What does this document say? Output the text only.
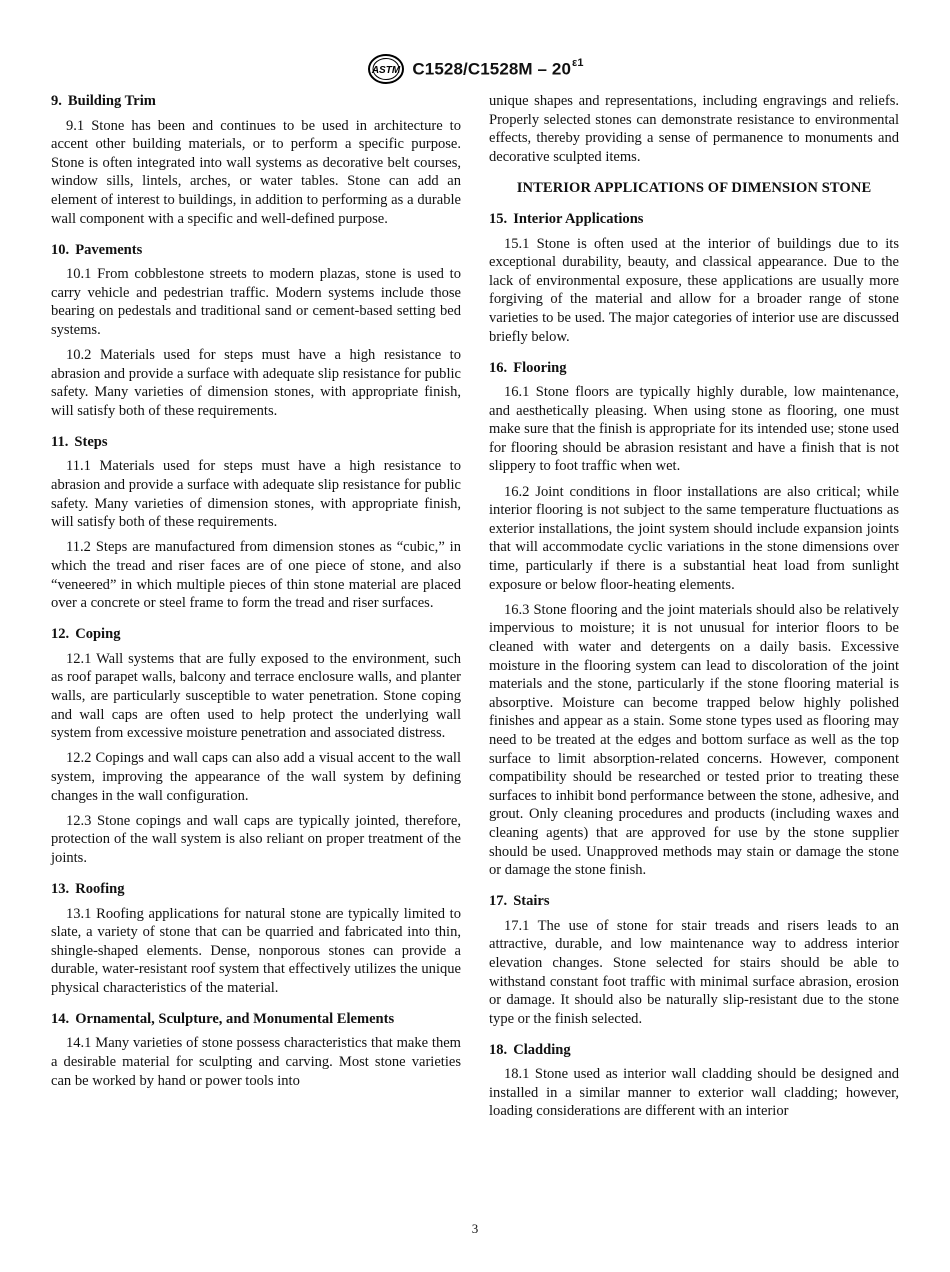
ASTM $C1528/C1528M - 20^{\varepsilon 1}$
9. Building Trim

9.1 Stone has been and continues to be used in architecture to accent other building materials, or to perform a specific purpose. Stone is often integrated into wall systems as decorative belt courses, window sills, lintels, arches, or water tables. Stone can add an element of interest to buildings, in addition to performing as a durable wall component with a specific and well-defined purpose.

10. Pavements

10.1 From cobblestone streets to modern plazas, stone is used to carry vehicle and pedestrian traffic. Modern systems include those bearing on pedestals and traditional sand or cement-based setting bed systems.

10.2 Materials used for steps must have a high resistance to abrasion and provide a surface with adequate slip resistance for public safety. Many varieties of dimension stones, with appropriate finish, will satisfy both of these requirements.

11. Steps

11.1 Materials used for steps must have a high resistance to abrasion and provide a surface with adequate slip resistance for public safety. Many varieties of dimension stones, with appropriate finish, will satisfy both of these requirements.

11.2 Steps are manufactured from dimension stones as “cubic,” in which the tread and riser faces are of one piece of stone, and also “veneered” in which multiple pieces of thin stone material are placed over a concrete or steel frame to form the tread and riser surfaces.

12. Coping

12.1 Wall systems that are fully exposed to the environment, such as roof parapet walls, balcony and terrace enclosure walls, and planter walls, are particularly susceptible to water penetration. Stone coping and wall caps are often used to help protect the underlying wall system from excessive moisture penetration and associated distress.

12.2 Copings and wall caps can also add a visual accent to the wall system, improving the appearance of the wall system by defining changes in the wall configuration.

12.3 Stone copings and wall caps are typically jointed, therefore, protection of the wall system is also reliant on proper treatment of the joints.

13. Roofing

13.1 Roofing applications for natural stone are typically limited to slate, a variety of stone that can be quarried and fabricated into thin, shingle-shaped elements. Dense, nonporous stones can provide a durable, water-resistant roof system that effectively utilizes the unique physical characteristics of the material.

14. Ornamental, Sculpture, and Monumental Elements

14.1 Many varieties of stone possess characteristics that make them a desirable material for sculpting and carving. Most stone varieties can be worked by hand or power tools into

unique shapes and representations, including engravings and reliefs. Properly selected stones can demonstrate resistance to environmental effects, thereby providing a sense of permanence to monuments and decorative sculpted items.

INTERIOR APPLICATIONS OF DIMENSION STONE
15. Interior Applications

15.1 Stone is often used at the interior of buildings due to its exceptional durability, beauty, and classical appearance. Due to the lack of environmental exposure, these applications are usually more forgiving of the material and allow for a broader range of stone varieties to be used. The major categories of interior use are discussed briefly below.

16. Flooring

16.1 Stone floors are typically highly durable, low maintenance, and aesthetically pleasing. When using stone as flooring, one must make sure that the finish is appropriate for its intended use; stone used for flooring should be abrasion resistant and have a finish that is not slippery to foot traffic when wet.

16.2 Joint conditions in floor installations are also critical; while interior flooring is not subject to the same temperature fluctuations as exterior installations, the joint system should include expansion joints that will accommodate cyclic variations in the stone dimensions over time, particularly if there is a substantial heat load from sunlight exposure or below floor-heating elements.

16.3 Stone flooring and the joint materials should also be relatively impervious to moisture; it is not unusual for interior floors to be cleaned with water and detergents on a daily basis. Excessive moisture in the flooring system can lead to discoloration of the joint materials and the stone, particularly if the stone flooring material is absorptive. Moisture can become trapped below highly polished finishes and appear as a stain. Some stone types used as flooring may need to be treated at the edges and bottom surface as well as the top surface to limit absorption-related concerns. However, component compatibility should be researched or tested prior to treating these surfaces to inhibit bond performance between the stone, adhesive, and grout. Only cleaning procedures and products (including waxes and cleaning agents) that are approved for use by the stone supplier should be used. Unapproved methods may stain or damage the stone or damage the stone finish.

17. Stairs

17.1 The use of stone for stair treads and risers leads to an attractive, durable, and low maintenance way to address interior elevation changes. Stone selected for stairs should be able to withstand constant foot traffic with minimal surface abrasion, erosion or damage. It should also be naturally slip-resistant due to the stone type or the finish selected.

18. Cladding

18.1 Stone used as interior wall cladding should be designed and installed in a similar manner to exterior wall cladding; however, loading considerations are different with an interior

3
